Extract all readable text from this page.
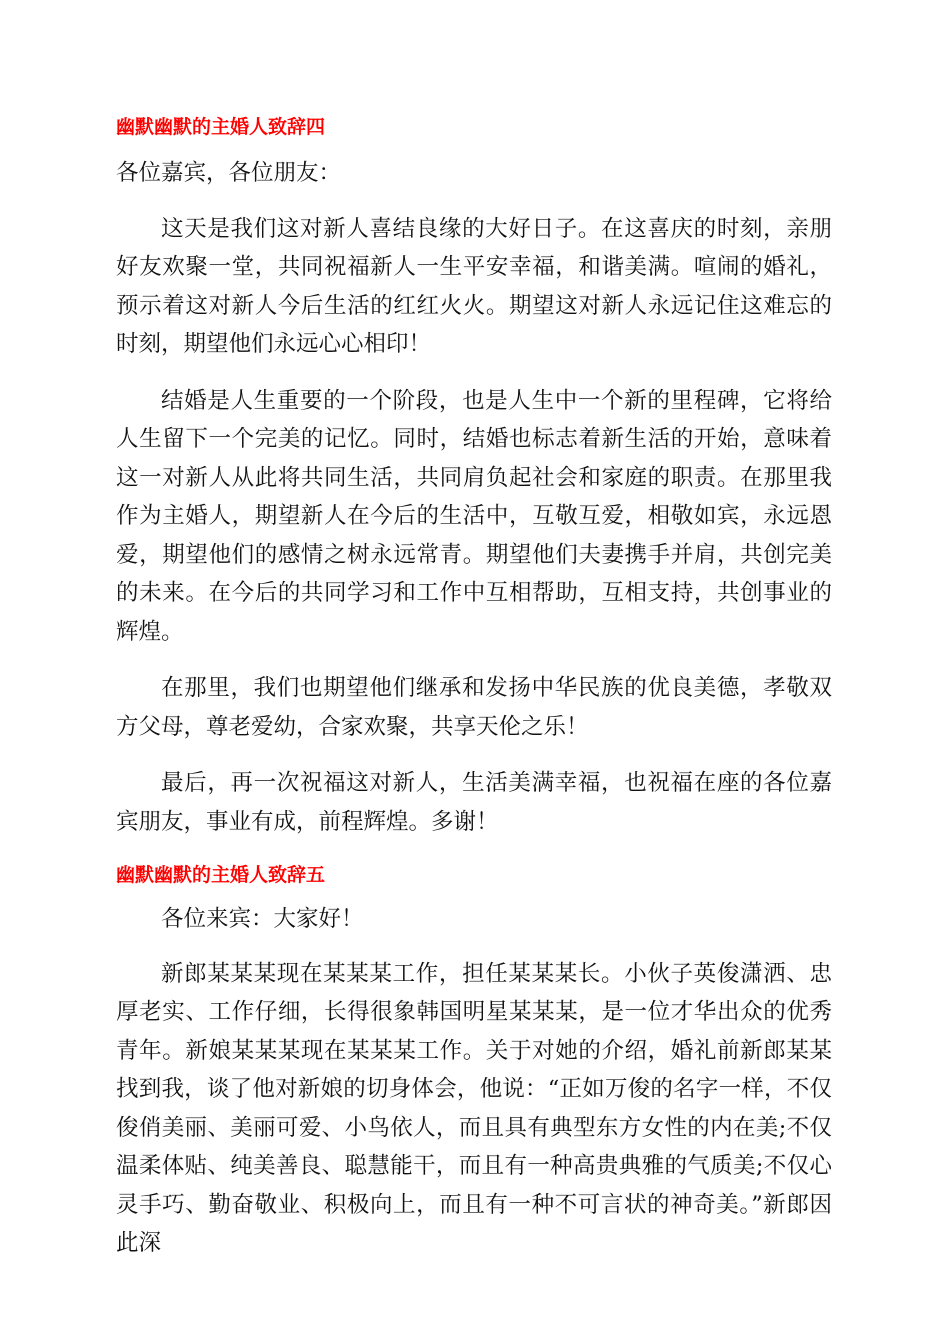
幽默幽默的主婚人致辞四

各位嘉宾，各位朋友：

这天是我们这对新人喜结良缘的大好日子。在这喜庆的时刻，亲朋好友欢聚一堂，共同祝福新人一生平安幸福，和谐美满。喧闹的婚礼，预示着这对新人今后生活的红红火火。期望这对新人永远记住这难忘的时刻，期望他们永远心心相印！

结婚是人生重要的一个阶段，也是人生中一个新的里程碑，它将给人生留下一个完美的记忆。同时，结婚也标志着新生活的开始，意味着这一对新人从此将共同生活，共同肩负起社会和家庭的职责。在那里我作为主婚人，期望新人在今后的生活中，互敬互爱，相敬如宾，永远恩爱，期望他们的感情之树永远常青。期望他们夫妻携手并肩，共创完美的未来。在今后的共同学习和工作中互相帮助，互相支持，共创事业的辉煌。

在那里，我们也期望他们继承和发扬中华民族的优良美德，孝敬双方父母，尊老爱幼，合家欢聚，共享天伦之乐！

最后，再一次祝福这对新人，生活美满幸福，也祝福在座的各位嘉宾朋友，事业有成，前程辉煌。多谢！

幽默幽默的主婚人致辞五

各位来宾：大家好！

新郎某某某现在某某某工作，担任某某某长。小伙子英俊潇洒、忠厚老实、工作仔细，长得很象韩国明星某某某，是一位才华出众的优秀青年。新娘某某某现在某某某工作。关于对她的介绍，婚礼前新郎某某找到我，谈了他对新娘的切身体会，他说：“正如万俊的名字一样，不仅俊俏美丽、美丽可爱、小鸟依人，而且具有典型东方女性的内在美;不仅温柔体贴、纯美善良、聪慧能干，而且有一种高贵典雅的气质美;不仅心灵手巧、勤奋敬业、积极向上，而且有一种不可言状的神奇美。”新郎因此深
